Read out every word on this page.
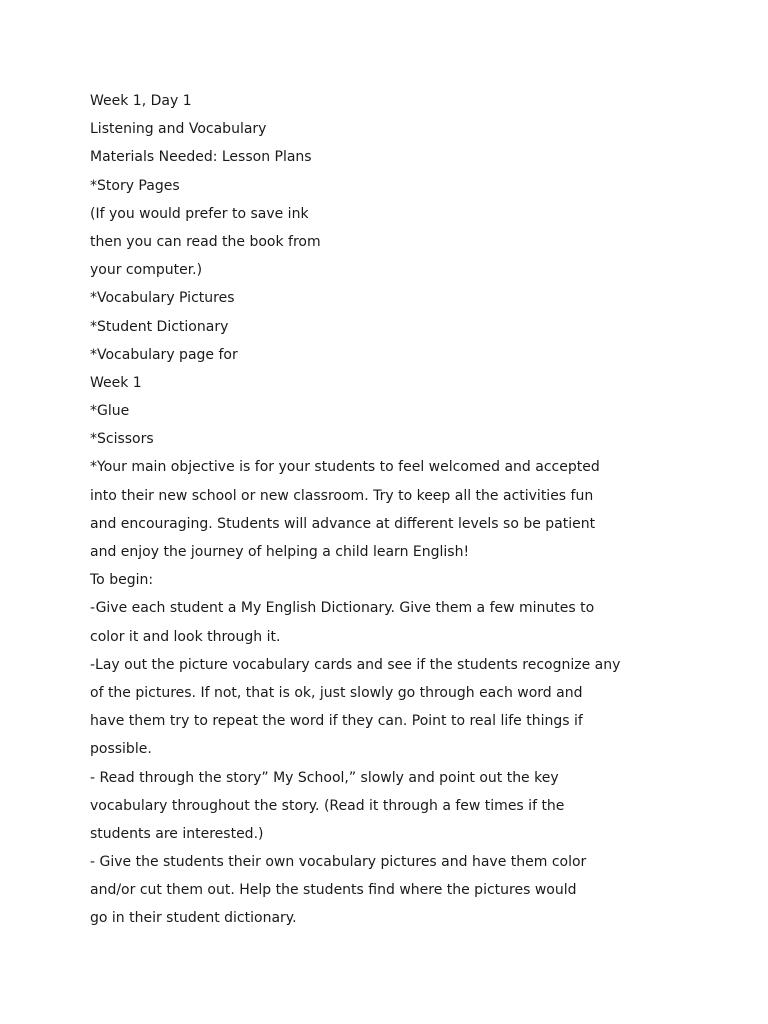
Week 1, Day 1

Listening and Vocabulary

Materials Needed: Lesson Plans

*Story Pages

(If you would prefer to save ink

then you can read the book from

your computer.)

*Vocabulary Pictures

*Student Dictionary

*Vocabulary page for

Week 1

*Glue

*Scissors

*Your main objective is for your students to feel welcomed and accepted

into their new school or new classroom. Try to keep all the activities fun

and encouraging. Students will advance at different levels so be patient

and enjoy the journey of helping a child learn English!

To begin:

-Give each student a My English Dictionary. Give them a few minutes to

color it and look through it.

-Lay out the picture vocabulary cards and see if the students recognize any

of the pictures. If not, that is ok, just slowly go through each word and

have them try to repeat the word if they can. Point to real life things if

possible.

- Read through the story” My School,” slowly and point out the key

vocabulary throughout the story. (Read it through a few times if the

students are interested.)

- Give the students their own vocabulary pictures and have them color

and/or cut them out. Help the students find where the pictures would

go in their student dictionary.
